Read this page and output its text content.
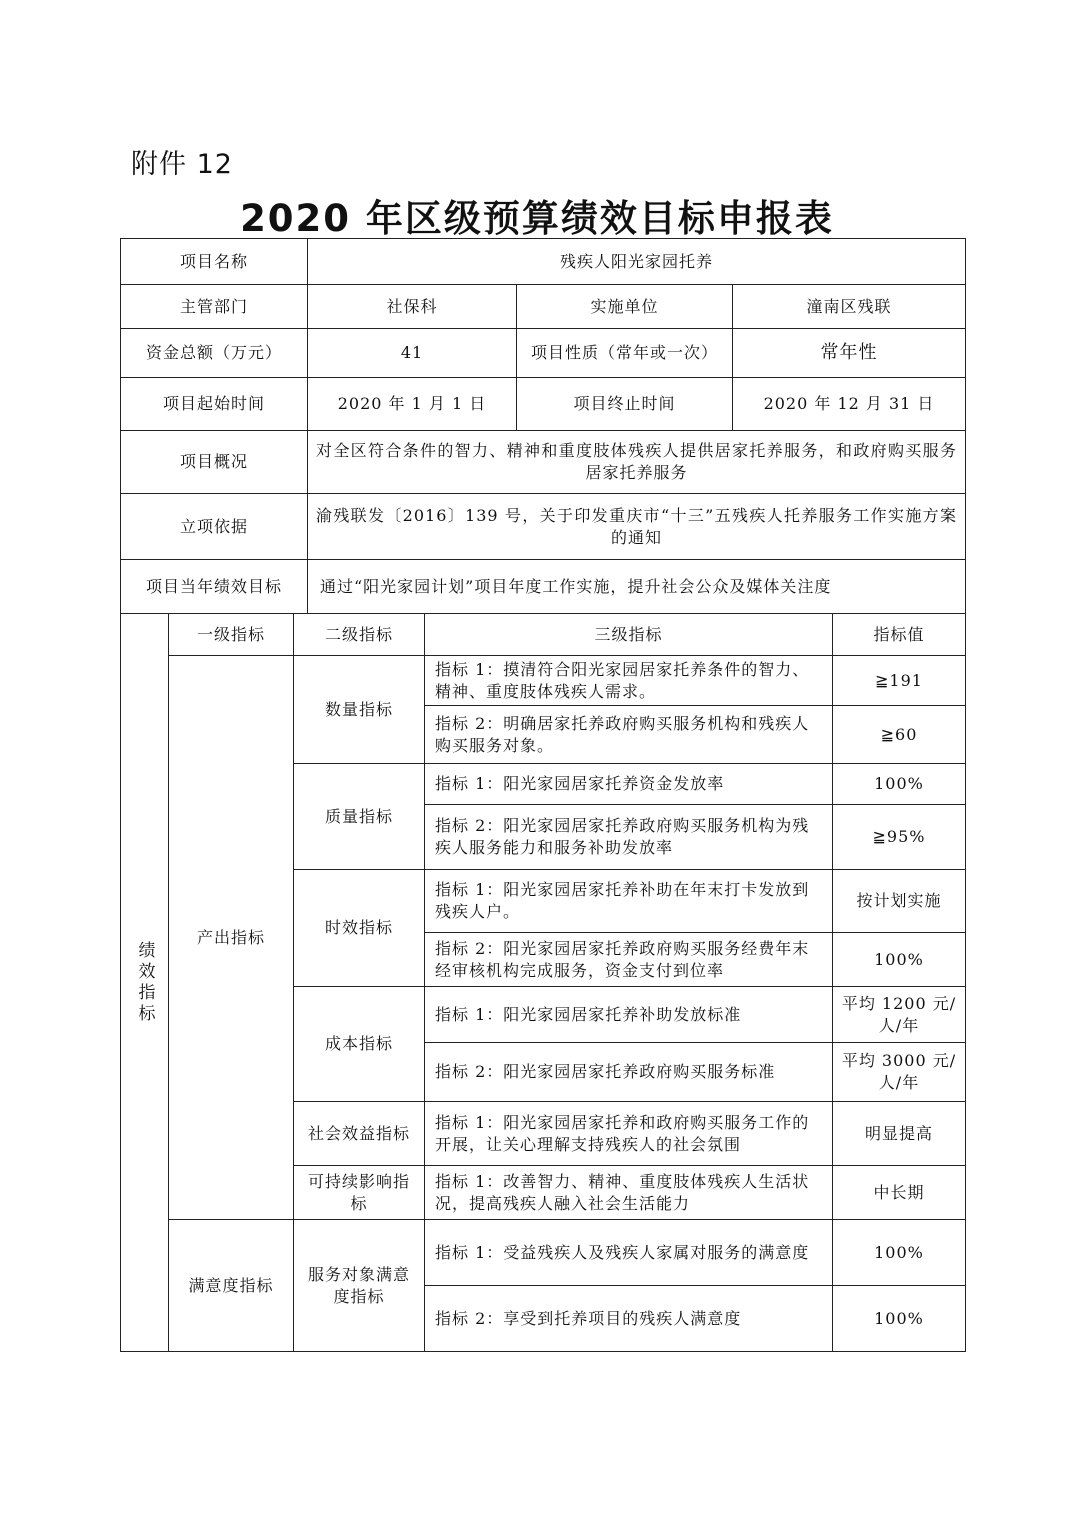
附件 12
2020 年区级预算绩效目标申报表
项目名称	残疾人阳光家园托养		
主管部门	社保科	实施单位	潼南区残联
资金总额（万元）	41	项目性质（常年或一次）	常年性
项目起始时间	2020 年 1 月 1 日	项目终止时间	2020 年 12 月 31 日
项目概况	对全区符合条件的智力、精神和重度肢体残疾人提供居家托养服务，和政府购买服务居家托养服务		
立项依据	渝残联发〔2016〕139 号，关于印发重庆市“十三”五残疾人托养服务工作实施方案的通知		
项目当年绩效目标	通过“阳光家园计划”项目年度工作实施，提升社会公众及媒体关注度		
绩效指标	一级指标	二级指标	三级指标	指标值
	产出指标	数量指标	指标 1：摸清符合阳光家园居家托养条件的智力、精神、重度肢体残疾人需求。	≧191
			指标 2：明确居家托养政府购买服务机构和残疾人购买服务对象。	≧60
		质量指标	指标 1：阳光家园居家托养资金发放率	100%
			指标 2：阳光家园居家托养政府购买服务机构为残疾人服务能力和服务补助发放率	≧95%
		时效指标	指标 1：阳光家园居家托养补助在年末打卡发放到残疾人户。	按计划实施
			指标 2：阳光家园居家托养政府购买服务经费年末经审核机构完成服务，资金支付到位率	100%
		成本指标	指标 1：阳光家园居家托养补助发放标准	平均 1200 元/人/年
			指标 2：阳光家园居家托养政府购买服务标准	平均 3000 元/人/年
		社会效益指标	指标 1：阳光家园居家托养和政府购买服务工作的开展，让关心理解支持残疾人的社会氛围	明显提高
		可持续影响指标	指标 1：改善智力、精神、重度肢体残疾人生活状况，提高残疾人融入社会生活能力	中长期
	满意度指标	服务对象满意度指标	指标 1：受益残疾人及残疾人家属对服务的满意度	100%
			指标 2：享受到托养项目的残疾人满意度	100%
